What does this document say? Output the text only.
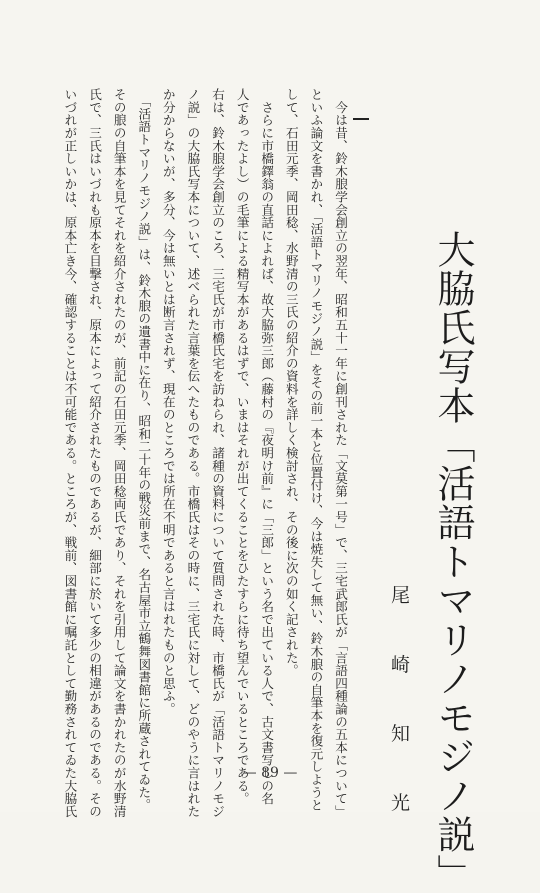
大脇氏写本「活語トマリノモジノ説」
尾 崎 知 光

　今は昔、鈴木朖学会創立の翌年、昭和五十一年に創刊された「文莫第一号」で、三宅武郎氏が「言語四種論の五本について」

といふ論文を書かれ、「活語トマリノモジノ説」をその前一本と位置付け、今は焼失して無い、鈴木朖の自筆本を復元しようと

して、石田元季、岡田稔、水野清の三氏の紹介の資料を詳しく検討され、その後に次の如く記された。

　さらに市橋鐸翁の直話によれば、故大脇弥三郎（藤村の『夜明け前』に「三郎」という名で出ている人で、古文書写しの名

人であったよし）の毛筆による精写本があるはずで、いまはそれが出てくることをひたすらに待ち望んでいるところである。

右は、鈴木朖学会創立のころ、三宅氏が市橋氏宅を訪ねられ、諸種の資料について質問された時、市橋氏が「活語トマリノモジ

ノ説」の大脇氏写本について、述べられた言葉を伝へたものである。市橋氏はその時に、三宅氏に対して、どのやうに言はれた

か分からないが、多分、今は無いとは断言されず、現在のところでは所在不明であると言はれたものと思ふ。

　「活語トマリノモジノ説」は、鈴木朖の遺書中に在り、昭和二十年の戦災前まで、名古屋市立鶴舞図書館に所蔵されてゐた。

その朖の自筆本を見てそれを紹介されたのが、前記の石田元季、岡田稔両氏であり、それを引用して論文を書かれたのが水野清

氏で、三氏はいづれも原本を目撃され、原本によって紹介されたものであるが、細部に於いて多少の相違があるのである。その

いづれが正しいかは、原本亡き今、確認することは不可能である。ところが、戦前、図書館に嘱託として勤務されてゐた大脇氏	— 89 —
